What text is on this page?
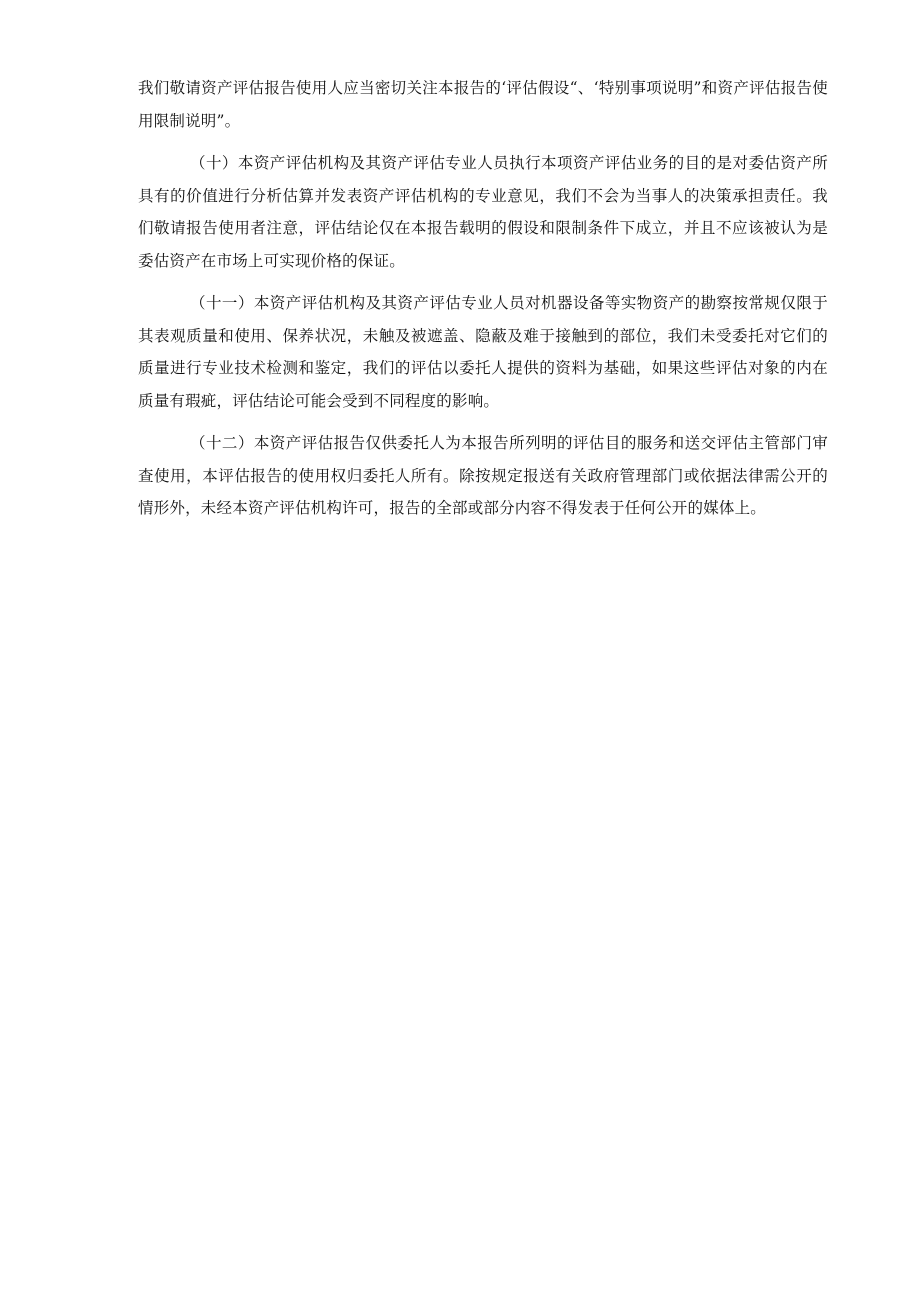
我们敬请资产评估报告使用人应当密切关注本报告的‘评估假设“、‘特别事项说明”和资产评估报告使用限制说明”。

（十）本资产评估机构及其资产评估专业人员执行本项资产评估业务的目的是对委估资产所具有的价值进行分析估算并发表资产评估机构的专业意见，我们不会为当事人的决策承担责任。我们敬请报告使用者注意，评估结论仅在本报告载明的假设和限制条件下成立，并且不应该被认为是委估资产在市场上可实现价格的保证。

（十一）本资产评估机构及其资产评估专业人员对机器设备等实物资产的勘察按常规仅限于其表观质量和使用、保养状况，未触及被遮盖、隐蔽及难于接触到的部位，我们未受委托对它们的质量进行专业技术检测和鉴定，我们的评估以委托人提供的资料为基础，如果这些评估对象的内在质量有瑕疵，评估结论可能会受到不同程度的影响。

（十二）本资产评估报告仅供委托人为本报告所列明的评估目的服务和送交评估主管部门审查使用，本评估报告的使用权归委托人所有。除按规定报送有关政府管理部门或依据法律需公开的情形外，未经本资产评估机构许可，报告的全部或部分内容不得发表于任何公开的媒体上。
